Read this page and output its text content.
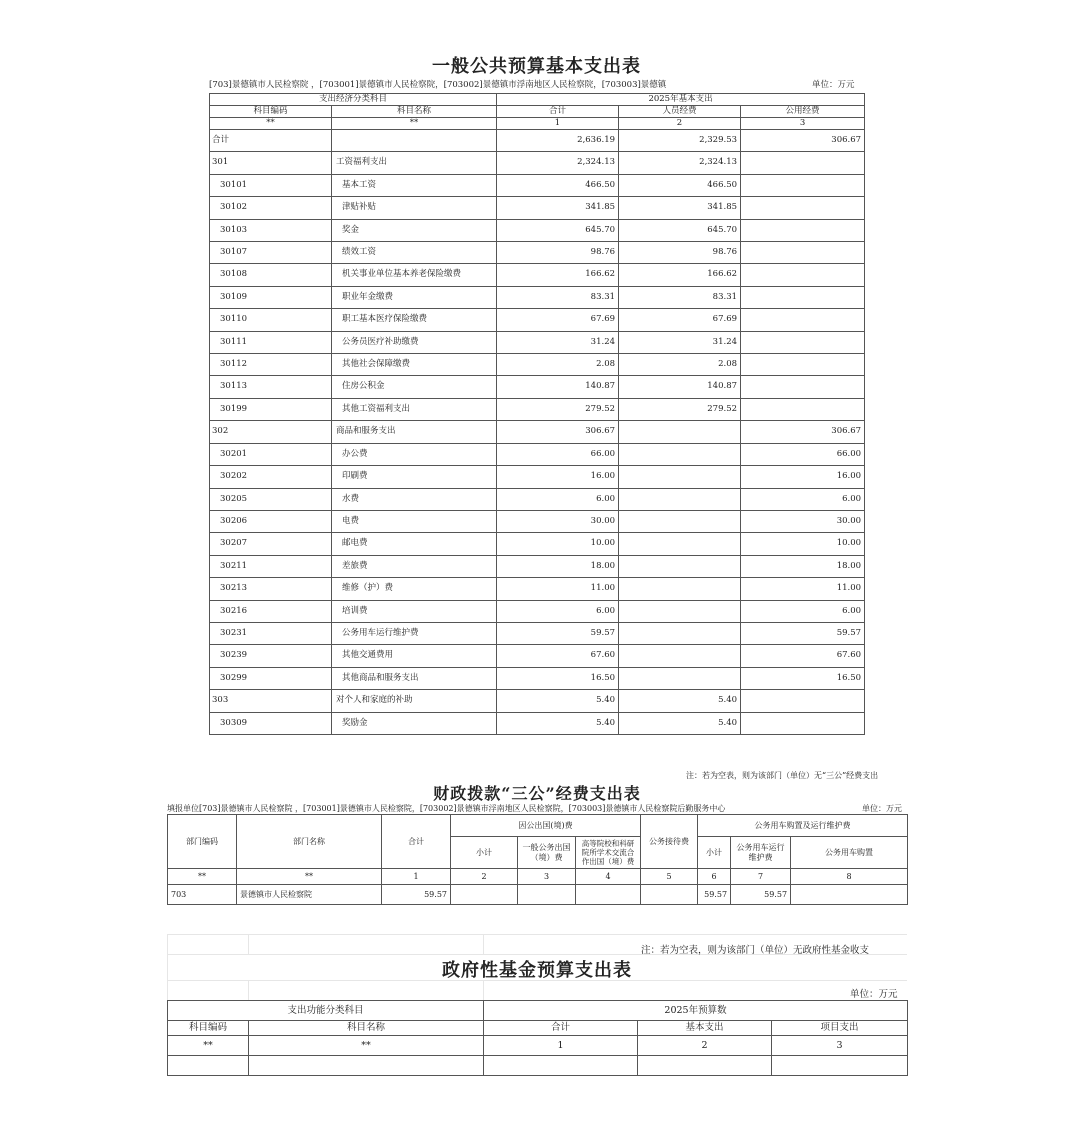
一般公共预算基本支出表
[703]景德镇市人民检察院 ，[703001]景德镇市人民检察院，[703002]景德镇市浮南地区人民检察院，[703003]景德镇	单位：万元
支出经济分类科目		2025年基本支出		
科目编码	科目名称	合计	人员经费	公用经费
**	**	1	2	3
合计		2,636.19	2,329.53	306.67
301	工资福利支出	2,324.13	2,324.13	
30101	基本工资	466.50	466.50	
30102	津贴补贴	341.85	341.85	
30103	奖金	645.70	645.70	
30107	绩效工资	98.76	98.76	
30108	机关事业单位基本养老保险缴费	166.62	166.62	
30109	职业年金缴费	83.31	83.31	
30110	职工基本医疗保险缴费	67.69	67.69	
30111	公务员医疗补助缴费	31.24	31.24	
30112	其他社会保障缴费	2.08	2.08	
30113	住房公积金	140.87	140.87	
30199	其他工资福利支出	279.52	279.52	
302	商品和服务支出	306.67		306.67
30201	办公费	66.00		66.00
30202	印刷费	16.00		16.00
30205	水费	6.00		6.00
30206	电费	30.00		30.00
30207	邮电费	10.00		10.00
30211	差旅费	18.00		18.00
30213	维修（护）费	11.00		11.00
30216	培训费	6.00		6.00
30231	公务用车运行维护费	59.57		59.57
30239	其他交通费用	67.60		67.60
30299	其他商品和服务支出	16.50		16.50
303	对个人和家庭的补助	5.40	5.40	
30309	奖励金	5.40	5.40	
注：若为空表，则为该部门（单位）无“三公”经费支出
财政拨款“三公”经费支出表
填报单位[703]景德镇市人民检察院 ，[703001]景德镇市人民检察院，[703002]景德镇市浮南地区人民检察院，[703003]景德镇市人民检察院后勤服务中心	单位：万元
部门编码	部门名称	合计	因公出国(境)费			公务接待费	公务用车购置及运行维护费		
			小计	一般公务出国（境）费	高等院校和科研院所学术交流合作出国（境）费		小计	公务用车运行维护费	公务用车购置
**	**	1	2	3	4	5	6	7	8
703	景德镇市人民检察院	59.57					59.57	59.57	
注：若为空表，则为该部门（单位）无政府性基金收支
政府性基金预算支出表
单位：万元
支出功能分类科目		2025年预算数		
科目编码	科目名称	合计	基本支出	项目支出
**	**	1	2	3
